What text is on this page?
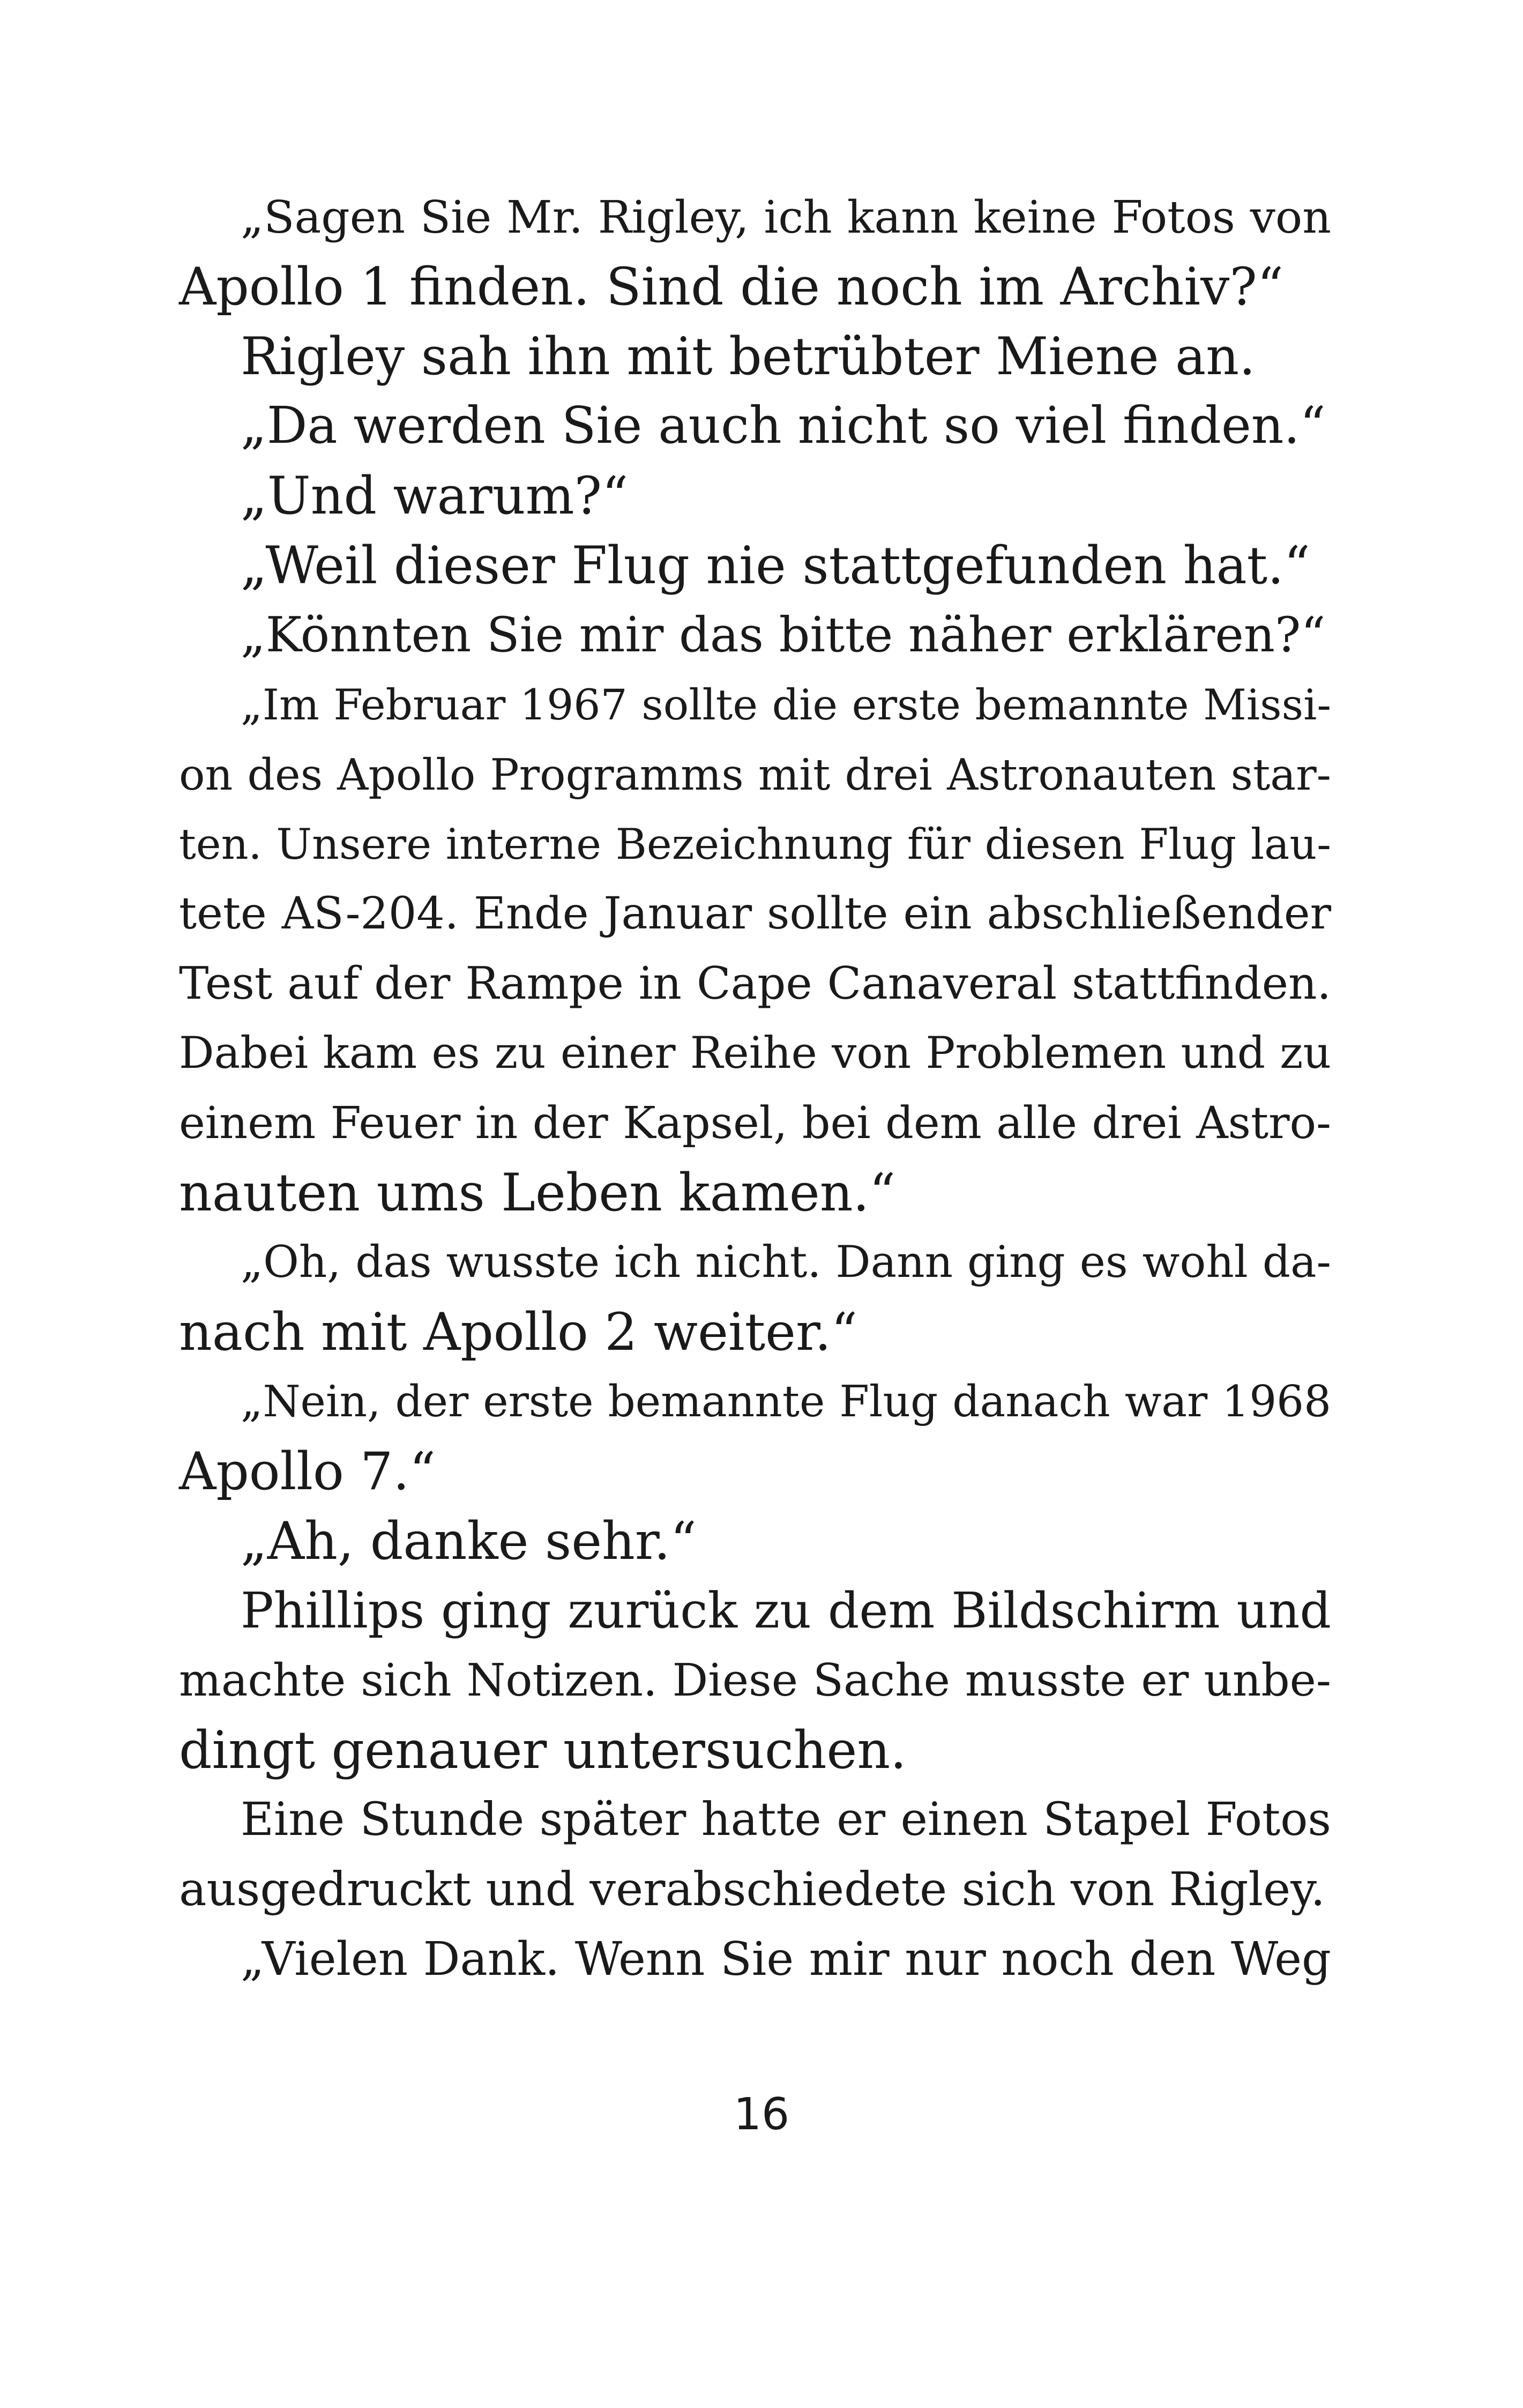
„Sagen Sie Mr. Rigley, ich kann keine Fotos von
Apollo 1 finden. Sind die noch im Archiv?“
Rigley sah ihn mit betrübter Miene an.
„Da werden Sie auch nicht so viel finden.“
„Und warum?“
„Weil dieser Flug nie stattgefunden hat.“
„Könnten Sie mir das bitte näher erklären?“
„Im Februar 1967 sollte die erste bemannte Missi-
on des Apollo Programms mit drei Astronauten star-
ten. Unsere interne Bezeichnung für diesen Flug lau-
tete AS-204. Ende Januar sollte ein abschließender
Test auf der Rampe in Cape Canaveral stattfinden.
Dabei kam es zu einer Reihe von Problemen und zu
einem Feuer in der Kapsel, bei dem alle drei Astro-
nauten ums Leben kamen.“
„Oh, das wusste ich nicht. Dann ging es wohl da-
nach mit Apollo 2 weiter.“
„Nein, der erste bemannte Flug danach war 1968
Apollo 7.“
„Ah, danke sehr.“
Phillips ging zurück zu dem Bildschirm und
machte sich Notizen. Diese Sache musste er unbe-
dingt genauer untersuchen.
Eine Stunde später hatte er einen Stapel Fotos
ausgedruckt und verabschiedete sich von Rigley.
„Vielen Dank. Wenn Sie mir nur noch den Weg
16
